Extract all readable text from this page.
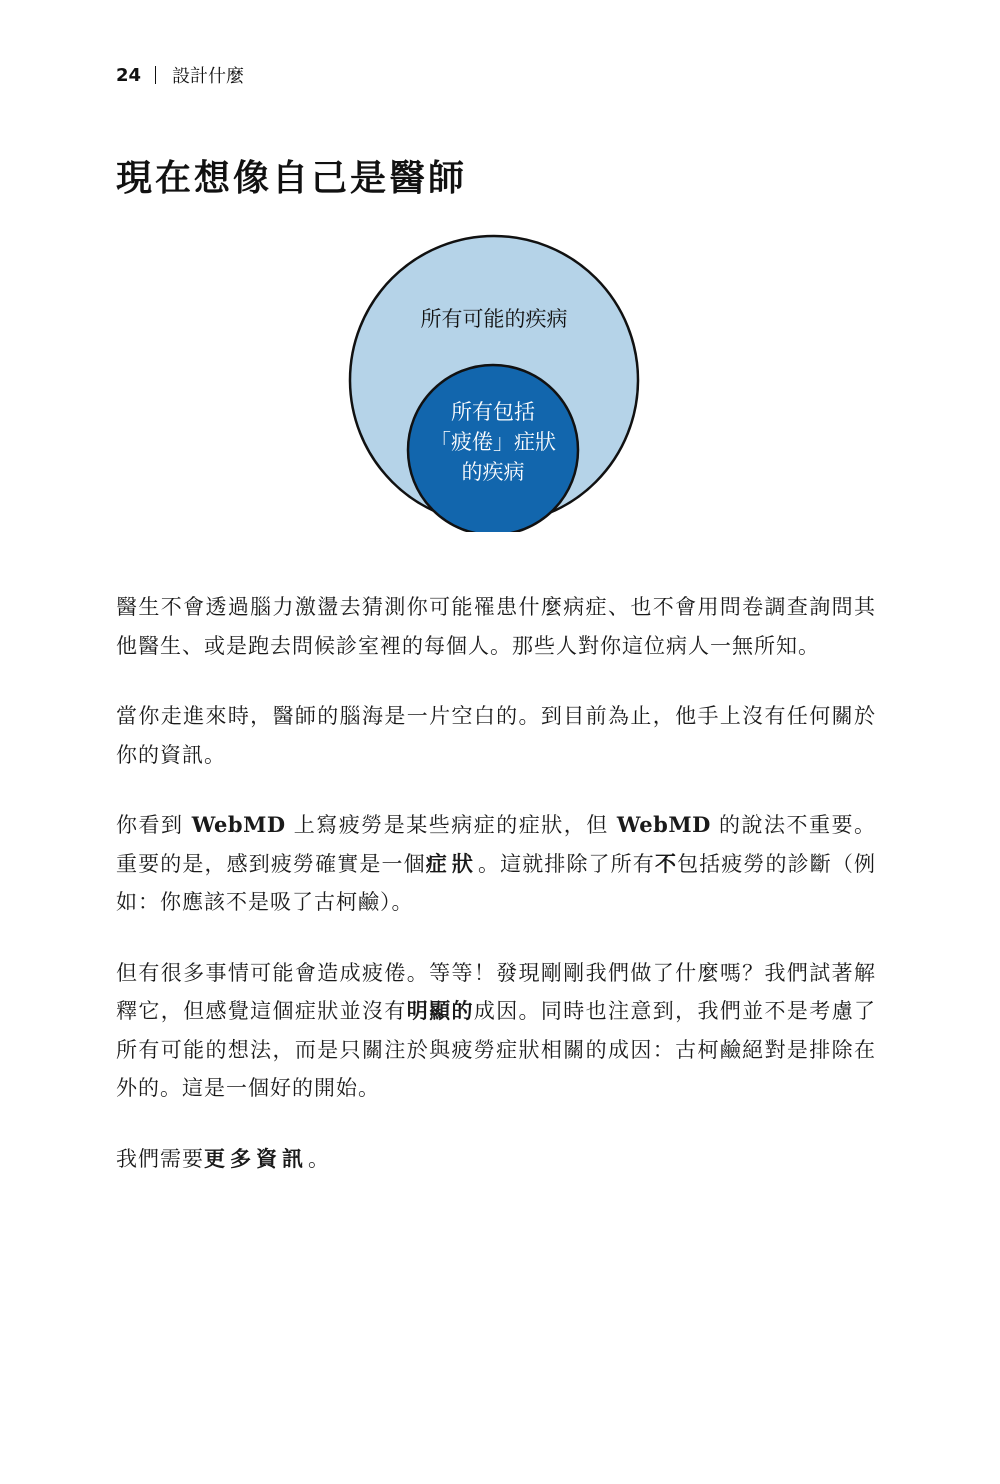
24 設計什麼
現在想像自己是醫師
所有可能的疾病
所有包括
「疲倦」症狀
的疾病

醫生不會透過腦力激盪去猜測你可能罹患什麼病症、也不會用問卷調查詢問其他醫生、或是跑去問候診室裡的每個人。那些人對你這位病人一無所知。

當你走進來時，醫師的腦海是一片空白的。到目前為止，他手上沒有任何關於你的資訊。

你看到 WebMD 上寫疲勞是某些病症的症狀，但 WebMD 的說法不重要。重要的是，感到疲勞確實是一個症狀。這就排除了所有不包括疲勞的診斷（例如：你應該不是吸了古柯鹼）。

但有很多事情可能會造成疲倦。等等！發現剛剛我們做了什麼嗎？我們試著解釋它，但感覺這個症狀並沒有明顯的成因。同時也注意到，我們並不是考慮了所有可能的想法，而是只關注於與疲勞症狀相關的成因：古柯鹼絕對是排除在外的。這是一個好的開始。

我們需要更多資訊。
